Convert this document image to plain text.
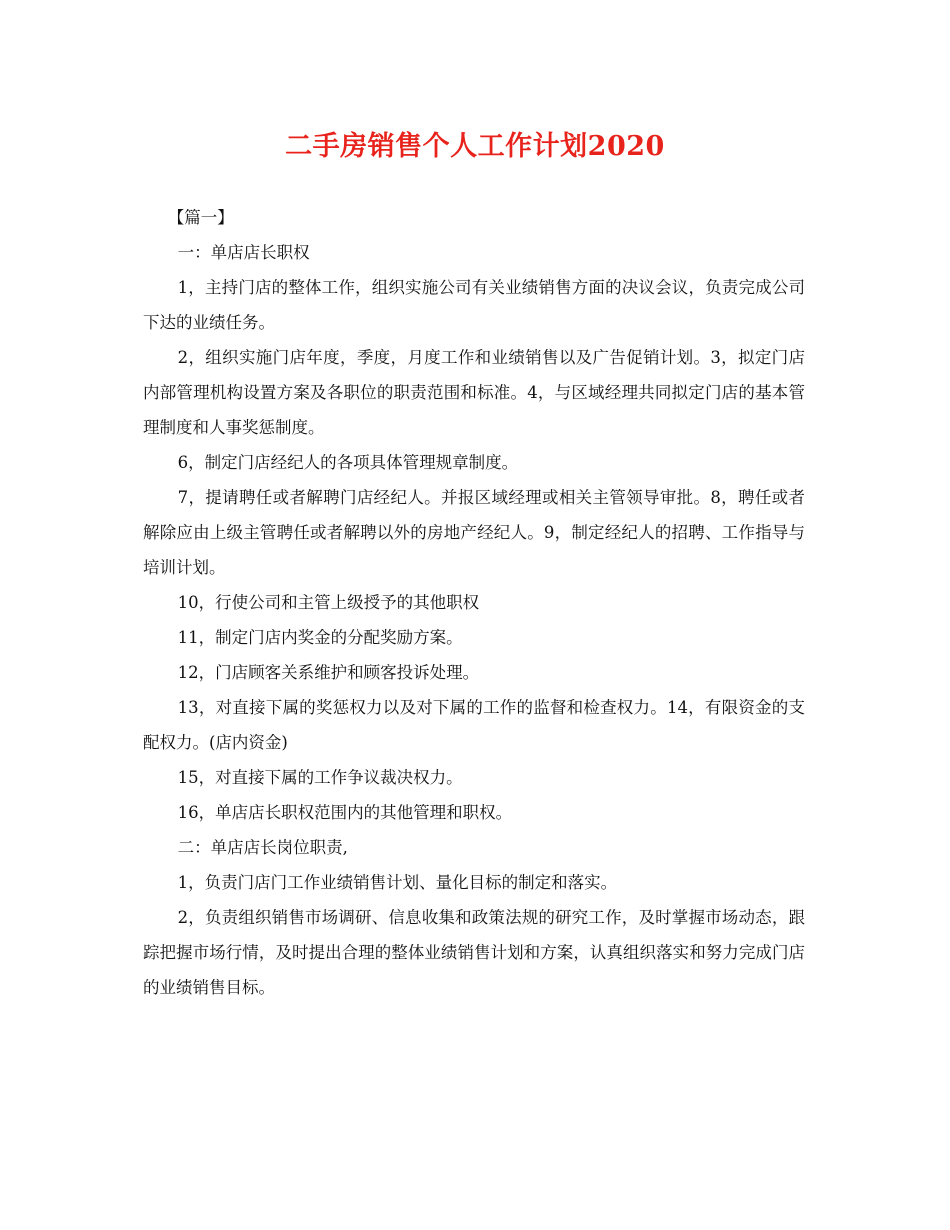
二手房销售个人工作计划2020

【篇一】

一：单店店长职权

1，主持门店的整体工作，组织实施公司有关业绩销售方面的决议会议，负责完成公司下达的业绩任务。

2，组织实施门店年度，季度，月度工作和业绩销售以及广告促销计划。3，拟定门店内部管理机构设置方案及各职位的职责范围和标准。4，与区域经理共同拟定门店的基本管理制度和人事奖惩制度。

6，制定门店经纪人的各项具体管理规章制度。

7，提请聘任或者解聘门店经纪人。并报区域经理或相关主管领导审批。8，聘任或者解除应由上级主管聘任或者解聘以外的房地产经纪人。9，制定经纪人的招聘、工作指导与培训计划。

10，行使公司和主管上级授予的其他职权

11，制定门店内奖金的分配奖励方案。

12，门店顾客关系维护和顾客投诉处理。

13，对直接下属的奖惩权力以及对下属的工作的监督和检查权力。14，有限资金的支配权力。(店内资金)

15，对直接下属的工作争议裁决权力。

16，单店店长职权范围内的其他管理和职权。

二：单店店长岗位职责,

1，负责门店门工作业绩销售计划、量化目标的制定和落实。

2，负责组织销售市场调研、信息收集和政策法规的研究工作，及时掌握市场动态，跟踪把握市场行情，及时提出合理的整体业绩销售计划和方案，认真组织落实和努力完成门店的业绩销售目标。
